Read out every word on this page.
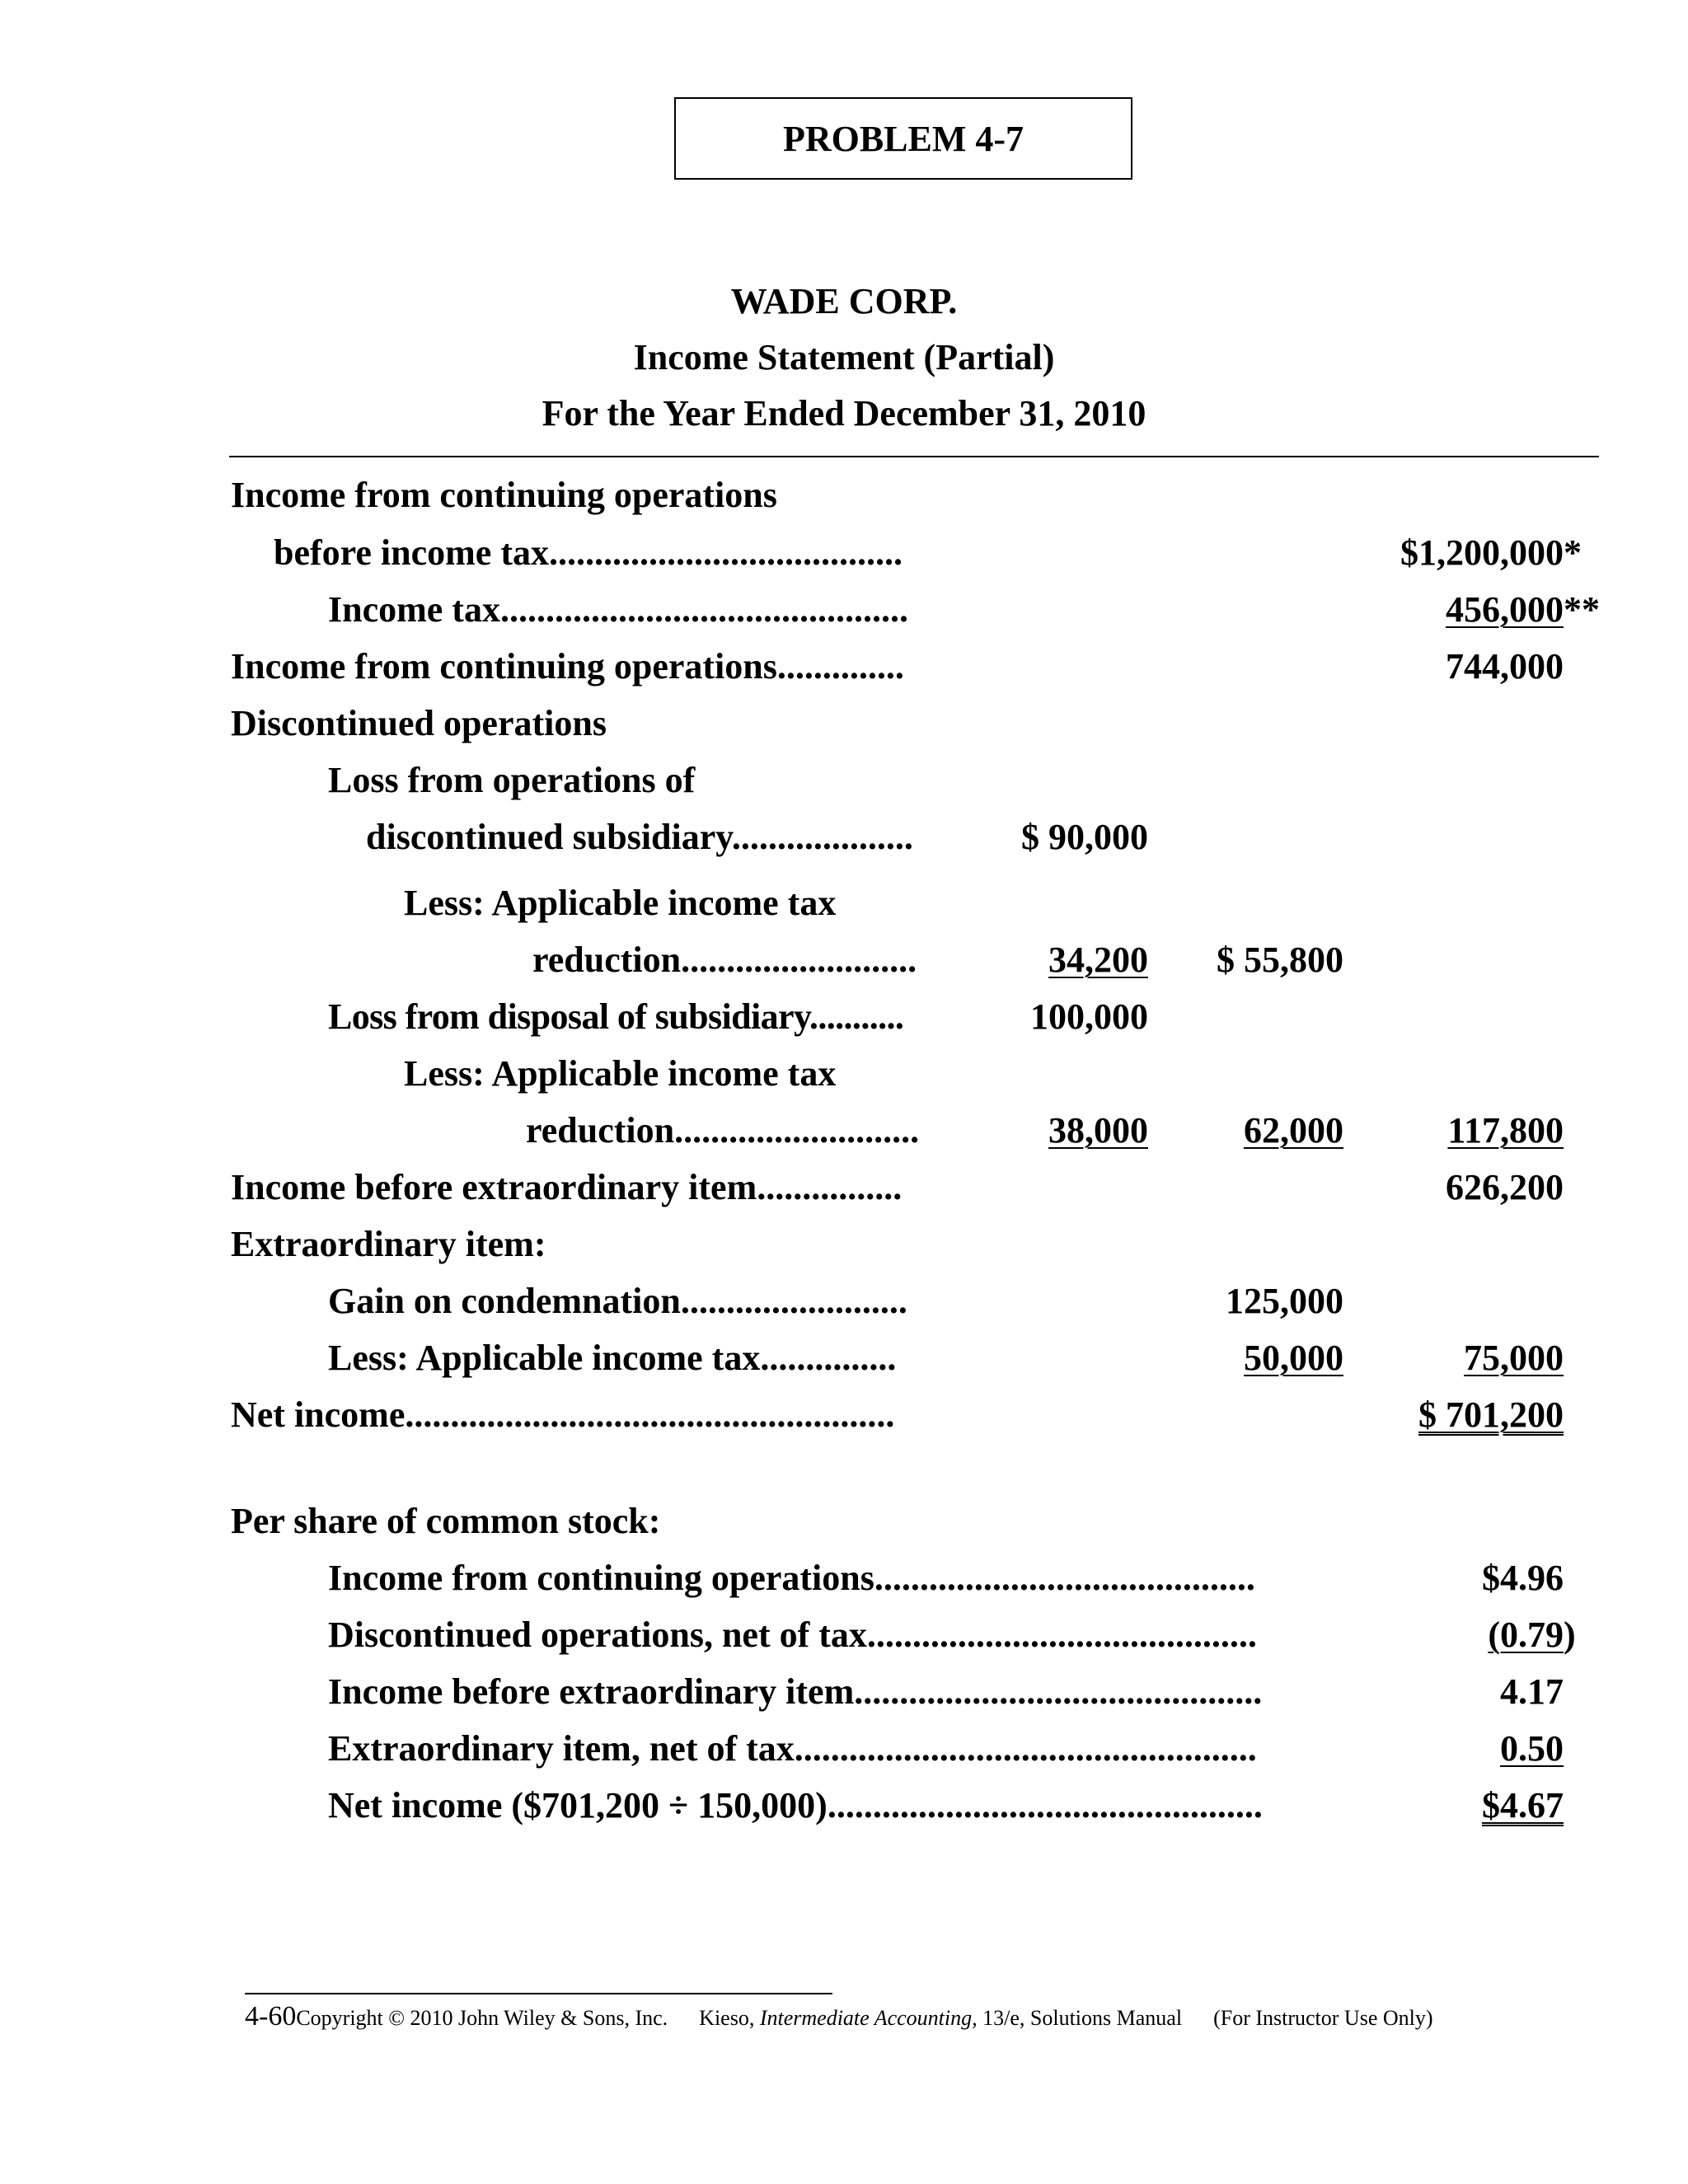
PROBLEM 4-7
WADE CORP.
Income Statement (Partial)
For the Year Ended December 31, 2010
Income from continuing operations
before income tax.......................................	$1,200,000 *
Income tax.............................................	456,000 **
Income from continuing operations..............	744,000
Discontinued operations
Loss from operations of
discontinued subsidiary....................	$ 90,000
Less: Applicable income tax
reduction..........................	34,200	$ 55,800
Loss from disposal of subsidiary...........	100,000
Less: Applicable income tax
reduction...........................	38,000	62,000	117,800
Income before extraordinary item................	626,200
Extraordinary item:
Gain on condemnation.........................	125,000
Less: Applicable income tax...............	50,000	75,000
Net income......................................................	$ 701,200
Per share of common stock:
Income from continuing operations..........................................	$4.96
Discontinued operations, net of tax...........................................	(0.79 )
Income before extraordinary item.............................................	4.17
Extraordinary item, net of tax...................................................	0.50
Net income ($701,200 ÷ 150,000)................................................	$4.67
4-60Copyright © 2010 John Wiley & Sons, Inc. Kieso, Intermediate Accounting, 13/e, Solutions Manual (For Instructor Use Only)
